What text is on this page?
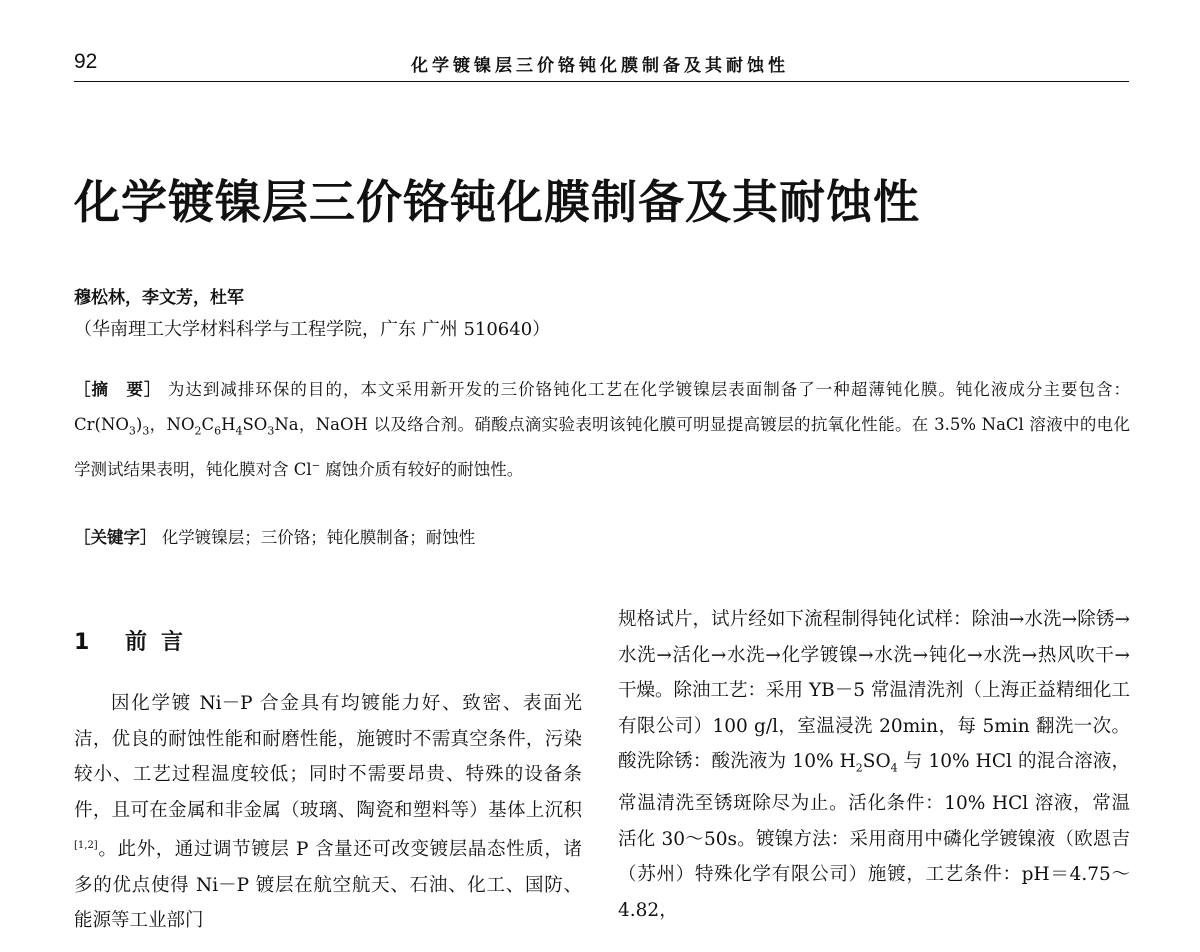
92	化学镀镍层三价铬钝化膜制备及其耐蚀性
化学镀镍层三价铬钝化膜制备及其耐蚀性
穆松林，李文芳，杜军
（华南理工大学材料科学与工程学院，广东 广州 510640）
［摘　要］ 为达到减排环保的目的，本文采用新开发的三价铬钝化工艺在化学镀镍层表面制备了一种超薄钝化膜。钝化液成分主要包含：$Cr(NO_3)_3$，$NO_2C_6H_4SO_3Na$，NaOH 以及络合剂。硝酸点滴实验表明该钝化膜可明显提高镀层的抗氧化性能。在 3.5% NaCl 溶液中的电化学测试结果表明，钝化膜对含 Cl− 腐蚀介质有较好的耐蚀性。
［关键字］ 化学镀镍层；三价铬；钝化膜制备；耐蚀性
1 前言

因化学镀 Ni－P 合金具有均镀能力好、致密、表面光洁，优良的耐蚀性能和耐磨性能，施镀时不需真空条件，污染较小、工艺过程温度较低；同时不需要昂贵、特殊的设备条件，且可在金属和非金属（玻璃、陶瓷和塑料等）基体上沉积[1,2]。此外，通过调节镀层 P 含量还可改变镀层晶态性质，诸多的优点使得 Ni－P 镀层在航空航天、石油、化工、国防、能源等工业部门

规格试片，试片经如下流程制得钝化试样：除油→水洗→除锈→水洗→活化→水洗→化学镀镍→水洗→钝化→水洗→热风吹干→干燥。除油工艺：采用 YB－5 常温清洗剂（上海正益精细化工有限公司）100 g/l，室温浸洗 20min，每 5min 翻洗一次。酸洗除锈：酸洗液为 10% $H_2SO_4$ 与 10% HCl 的混合溶液，常温清洗至锈斑除尽为止。活化条件：10% HCl 溶液，常温活化 30～50s。镀镍方法：采用商用中磷化学镀镍液（欧恩吉（苏州）特殊化学有限公司）施镀，工艺条件：pH＝4.75～4.82，
